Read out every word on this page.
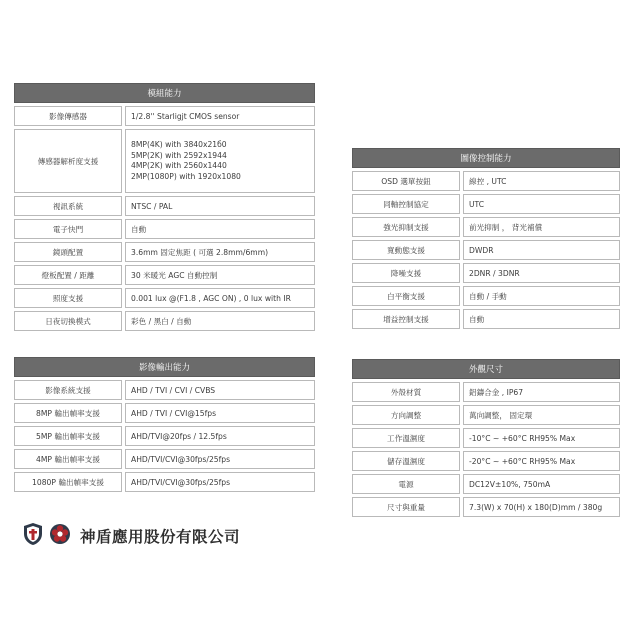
模組能力
影像傳感器	1/2.8'' Starligjt CMOS sensor
傳感器解析度支援
8MP(4K) with 3840x21б0
5MP(2K) with 2592x1944
4MP(2K) with 2560x1440
2MP(1080P) with 1920x1080
視訊系統	NTSC / PAL
電子快門	自動
鏡頭配置	3.6mm 固定焦距 ( 可選 2.8mm/6mm)
燈板配置 / 距離	30 米暖光 AGC 自動控制
照度支援	0.001 lux @(F1.8 , AGC ON) , 0 lux with IR
日夜切換模式	彩色 / 黑白 / 自動
圖像控制能力
OSD 選單按鈕	線控 , UTC
同軸控制協定	UTC
強光抑制支援	前光抑制 ， 背光補償
寬動態支援	DWDR
降噪支援	2DNR / 3DNR
白平衡支援	自動 / 手動
增益控制支援	自動
影像輸出能力
影像系統支援	AHD / TVI / CVI / CVBS
8MP 輸出幀率支援	AHD / TVI / CVI@15fps
5MP 輸出幀率支援	AHD/TVI@20fps / 12.5fps
4MP 輸出幀率支援	AHD/TVI/CVI@30fps/25fps
1080P 輸出幀率支援	AHD/TVI/CVI@30fps/25fps
外觀尺寸
外殼材質	鋁鑄合金 , IP67
方向調整	萬向調整， 固定環
工作溫濕度	-10°C ~ +60°C RH95% Max
儲存溫濕度	-20°C ~ +60°C RH95% Max
電源	DC12V±10%, 750mA
尺寸與重量	7.3(W) x 70(H) x 180(D)mm / 380g
神盾應用股份有限公司
